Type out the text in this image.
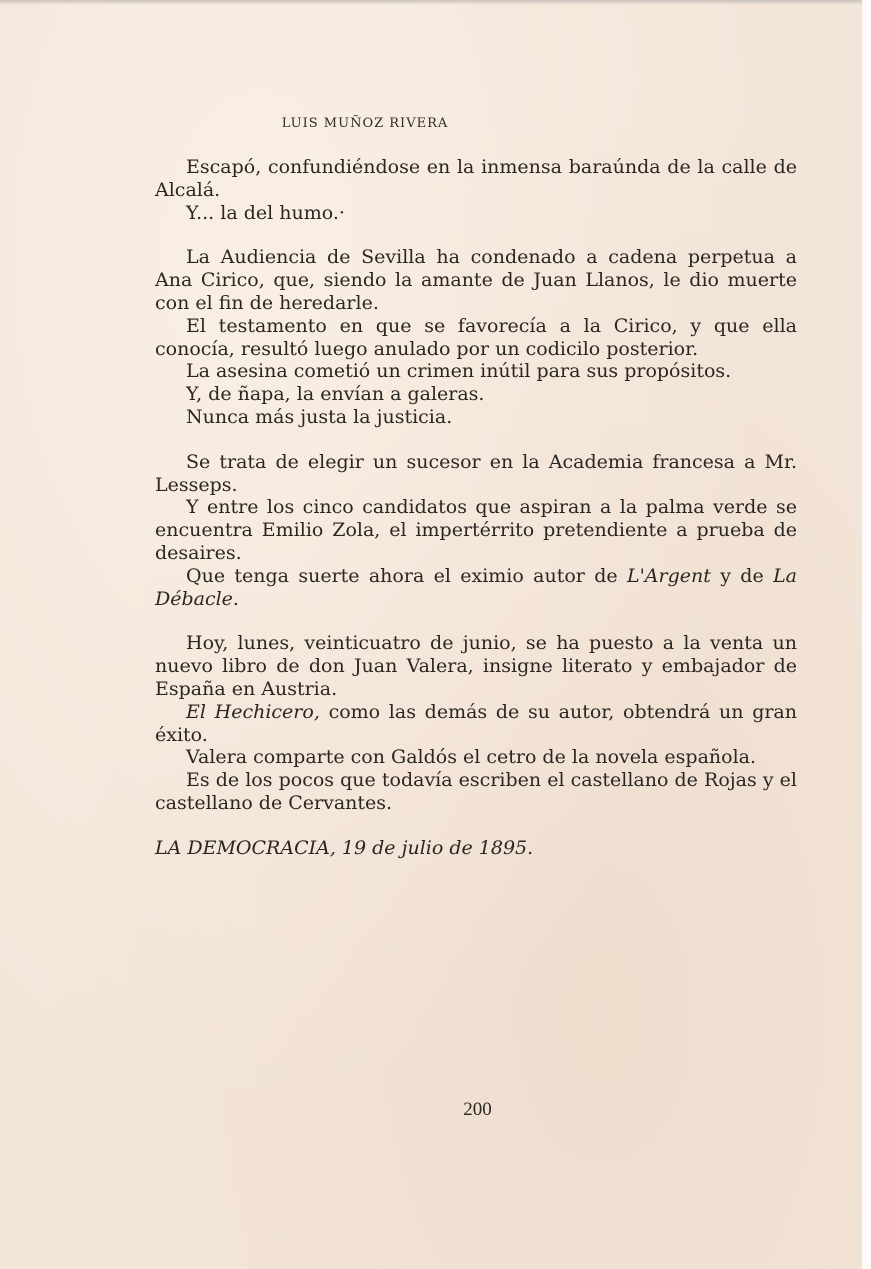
LUIS MUÑOZ RIVERA

Escapó, confundiéndose en la inmensa baraúnda de la calle de Alcalá.

Y... la del humo.·

La Audiencia de Sevilla ha condenado a cadena perpetua a Ana Cirico, que, siendo la amante de Juan Llanos, le dio muerte con el fin de heredarle.

El testamento en que se favorecía a la Cirico, y que ella conocía, resultó luego anulado por un codicilo posterior.

La asesina cometió un crimen inútil para sus propósitos.

Y, de ñapa, la envían a galeras.

Nunca más justa la justicia.

Se trata de elegir un sucesor en la Academia francesa a Mr. Lesseps.

Y entre los cinco candidatos que aspiran a la palma verde se encuentra Emilio Zola, el impertérrito pretendiente a prueba de desaires.

Que tenga suerte ahora el eximio autor de L'Argent y de La Débacle.

Hoy, lunes, veinticuatro de junio, se ha puesto a la venta un nuevo libro de don Juan Valera, insigne literato y embajador de España en Austria.

El Hechicero, como las demás de su autor, obtendrá un gran éxito.

Valera comparte con Galdós el cetro de la novela española.

Es de los pocos que todavía escriben el castellano de Rojas y el castellano de Cervantes.

LA DEMOCRACIA, 19 de julio de 1895.

200
